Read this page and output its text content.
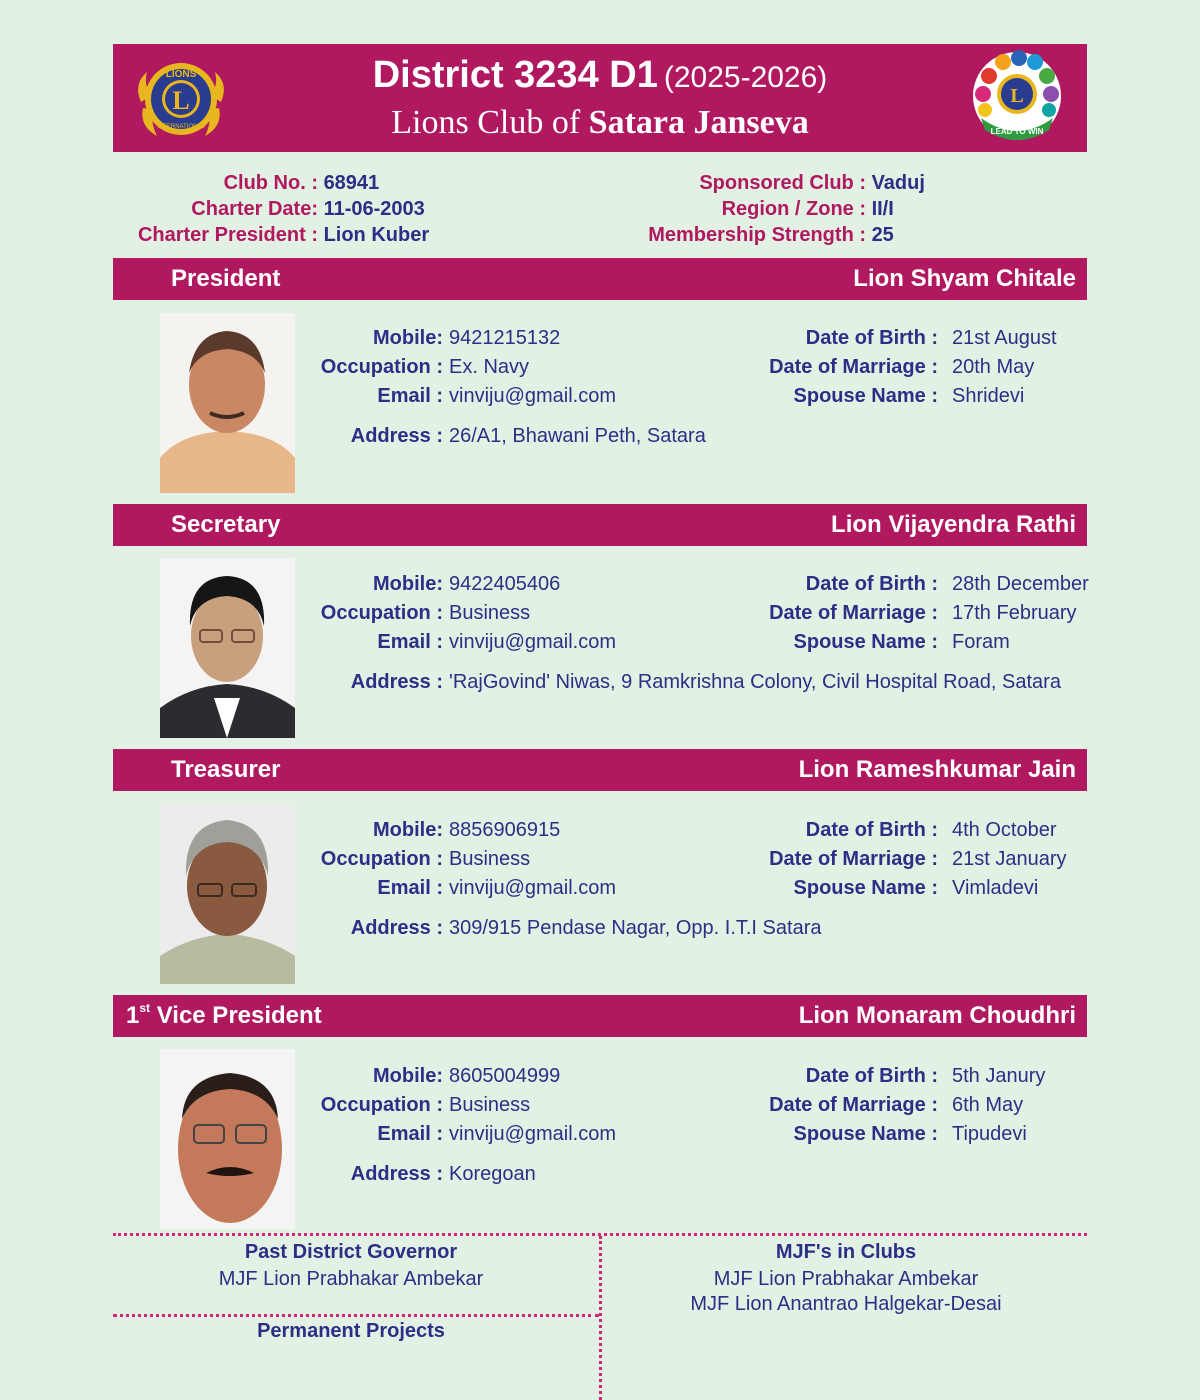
L
LIONS
INTERNATIONAL
District 3234 D1 (2025-2026)
Lions Club of Satara Janseva
L
LEAD TO WIN
Club No. : 68941
Charter Date: 11-06-2003
Charter President : Lion Kuber
Sponsored Club : Vaduj
Region / Zone : II/I
Membership Strength : 25
President	Lion Shyam Chitale
Mobile: 9421215132
Occupation : Ex. Navy
Email : vinviju@gmail.com
Address : 26/A1, Bhawani Peth, Satara
Date of Birth : 21st August
Date of Marriage : 20th May
Spouse Name : Shridevi
Secretary	Lion Vijayendra Rathi
Mobile: 9422405406
Occupation : Business
Email : vinviju@gmail.com
Address : 'RajGovind' Niwas, 9 Ramkrishna Colony, Civil Hospital Road, Satara
Date of Birth : 28th December
Date of Marriage : 17th February
Spouse Name : Foram
Treasurer	Lion Rameshkumar Jain
Mobile: 8856906915
Occupation : Business
Email : vinviju@gmail.com
Address : 309/915 Pendase Nagar, Opp. I.T.I Satara
Date of Birth : 4th October
Date of Marriage : 21st January
Spouse Name : Vimladevi
1st Vice President	Lion Monaram Choudhri
Mobile: 8605004999
Occupation : Business
Email : vinviju@gmail.com
Address : Koregoan
Date of Birth : 5th Janury
Date of Marriage : 6th May
Spouse Name : Tipudevi
Past District Governor
MJF Lion Prabhakar Ambekar
Permanent Projects
MJF's in Clubs
MJF Lion Prabhakar Ambekar
MJF Lion Anantrao Halgekar-Desai
